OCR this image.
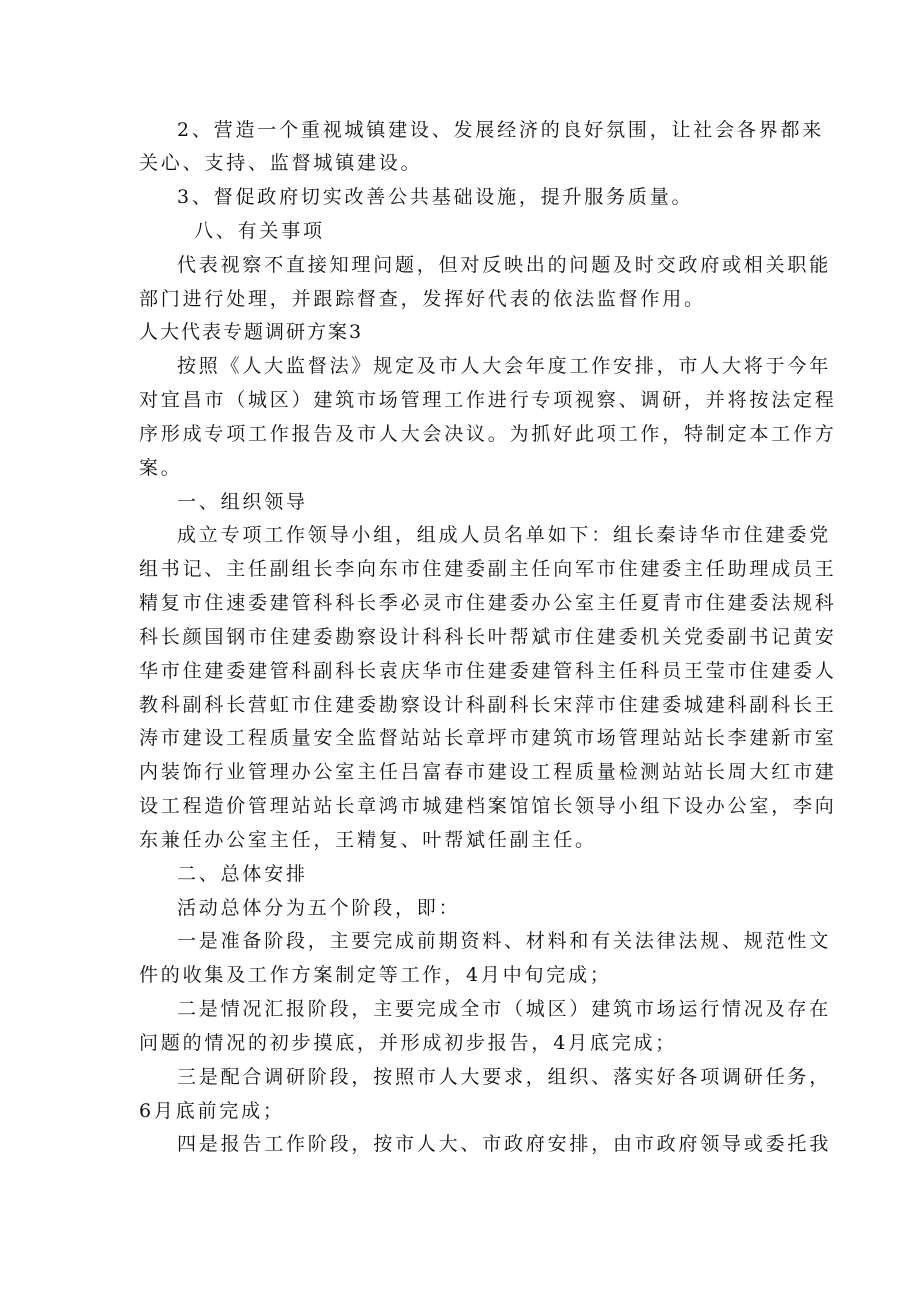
2、营造一个重视城镇建设、发展经济的良好氛围，让社会各界都来
关心、支持、监督城镇建设。
3、督促政府切实改善公共基础设施，提升服务质量。
八、有关事项
代表视察不直接知理问题，但对反映出的问题及时交政府或相关职能
部门进行处理，并跟踪督查，发挥好代表的依法监督作用。
人大代表专题调研方案3
按照《人大监督法》规定及市人大会年度工作安排，市人大将于今年
对宜昌市（城区）建筑市场管理工作进行专项视察、调研，并将按法定程
序形成专项工作报告及市人大会决议。为抓好此项工作，特制定本工作方
案。
一、组织领导
成立专项工作领导小组，组成人员名单如下：组长秦诗华市住建委党
组书记、主任副组长李向东市住建委副主任向军市住建委主任助理成员王
精复市住速委建管科科长季必灵市住建委办公室主任夏青市住建委法规科
科长颜国钢市住建委勘察设计科科长叶帮斌市住建委机关党委副书记黄安
华市住建委建管科副科长袁庆华市住建委建管科主任科员王莹市住建委人
教科副科长营虹市住建委勘察设计科副科长宋萍市住建委城建科副科长王
涛市建设工程质量安全监督站站长章坪市建筑市场管理站站长李建新市室
内装饰行业管理办公室主任吕富春市建设工程质量检测站站长周大红市建
设工程造价管理站站长章鸿市城建档案馆馆长领导小组下设办公室，李向
东兼任办公室主任，王精复、叶帮斌任副主任。
二、总体安排
活动总体分为五个阶段，即：
一是准备阶段，主要完成前期资料、材料和有关法律法规、规范性文
件的收集及工作方案制定等工作，4月中旬完成；
二是情况汇报阶段，主要完成全市（城区）建筑市场运行情况及存在
问题的情况的初步摸底，并形成初步报告，4月底完成；
三是配合调研阶段，按照市人大要求，组织、落实好各项调研任务，
6月底前完成；
四是报告工作阶段，按市人大、市政府安排，由市政府领导或委托我
